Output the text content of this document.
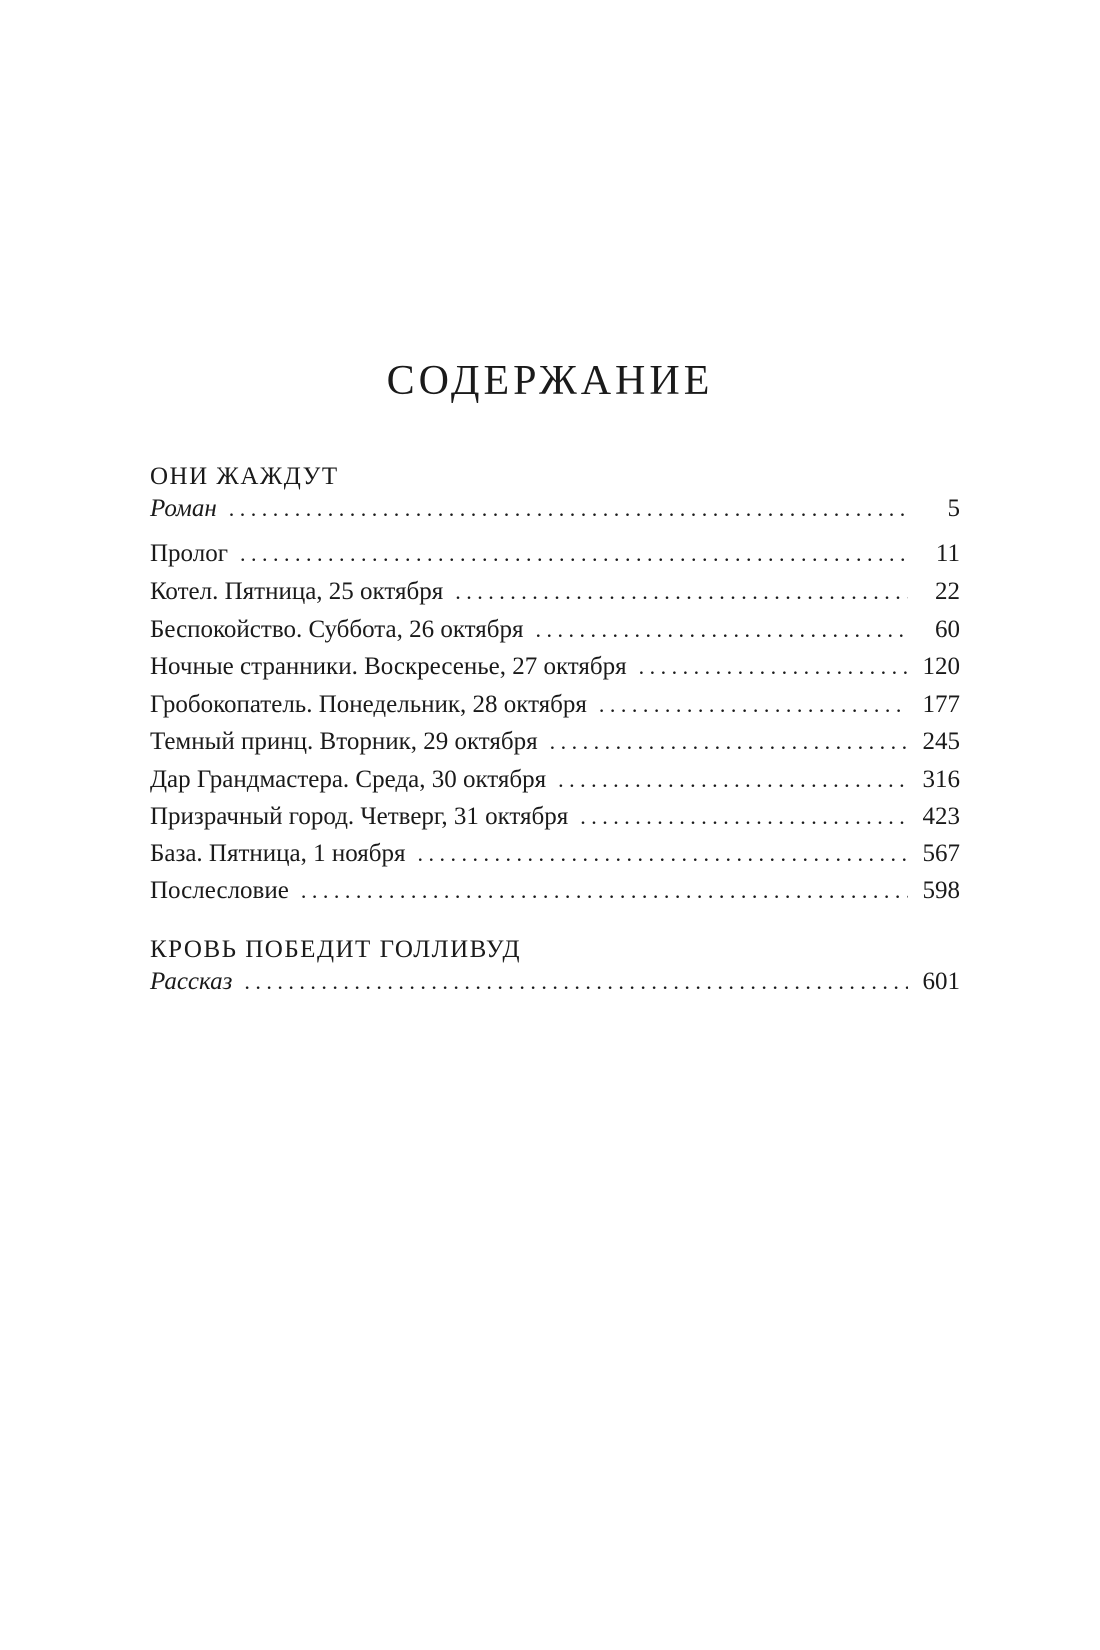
СОДЕРЖАНИЕ
ОНИ ЖАЖДУТ
Роман . . .	5
Пролог . . .	11
Котел. Пятница, 25 октября . . .	22
Беспокойство. Суббота, 26 октября . . .	60
Ночные странники. Воскресенье, 27 октября . . .	120
Гробокопатель. Понедельник, 28 октября . . .	177
Темный принц. Вторник, 29 октября . . .	245
Дар Грандмастера. Среда, 30 октября . . .	316
Призрачный город. Четверг, 31 октября . . .	423
База. Пятница, 1 ноября . . .	567
Послесловие . . .	598
КРОВЬ ПОБЕДИТ ГОЛЛИВУД
Рассказ . . .	601
